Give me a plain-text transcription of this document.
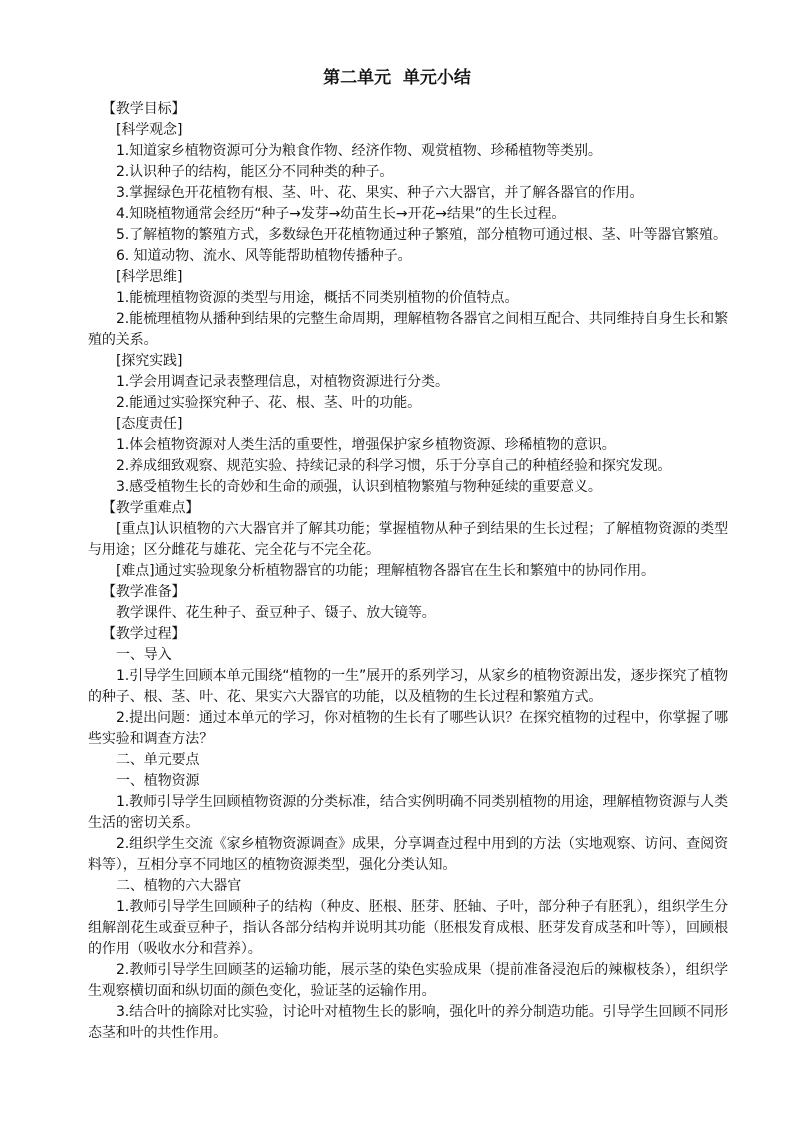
第二单元  单元小结

【教学目标】

[科学观念]

1.知道家乡植物资源可分为粮食作物、经济作物、观赏植物、珍稀植物等类别。

2.认识种子的结构，能区分不同种类的种子。

3.掌握绿色开花植物有根、茎、叶、花、果实、种子六大器官，并了解各器官的作用。

4.知晓植物通常会经历“种子→发芽→幼苗生长→开花→结果”的生长过程。

5.了解植物的繁殖方式，多数绿色开花植物通过种子繁殖，部分植物可通过根、茎、叶等器官繁殖。

6. 知道动物、流水、风等能帮助植物传播种子。

[科学思维]

1.能梳理植物资源的类型与用途，概括不同类别植物的价值特点。

2.能梳理植物从播种到结果的完整生命周期，理解植物各器官之间相互配合、共同维持自身生长和繁殖的关系。

[探究实践]

1.学会用调查记录表整理信息，对植物资源进行分类。

2.能通过实验探究种子、花、根、茎、叶的功能。

[态度责任]

1.体会植物资源对人类生活的重要性，增强保护家乡植物资源、珍稀植物的意识。

2.养成细致观察、规范实验、持续记录的科学习惯，乐于分享自己的种植经验和探究发现。

3.感受植物生长的奇妙和生命的顽强，认识到植物繁殖与物种延续的重要意义。

【教学重难点】

[重点]认识植物的六大器官并了解其功能；掌握植物从种子到结果的生长过程；了解植物资源的类型与用途；区分雌花与雄花、完全花与不完全花。

[难点]通过实验现象分析植物器官的功能；理解植物各器官在生长和繁殖中的协同作用。

【教学准备】

教学课件、花生种子、蚕豆种子、镊子、放大镜等。

【教学过程】

一、导入

1.引导学生回顾本单元围绕“植物的一生”展开的系列学习，从家乡的植物资源出发，逐步探究了植物的种子、根、茎、叶、花、果实六大器官的功能，以及植物的生长过程和繁殖方式。

2.提出问题：通过本单元的学习，你对植物的生长有了哪些认识？在探究植物的过程中，你掌握了哪些实验和调查方法？

二、单元要点

一、植物资源

1.教师引导学生回顾植物资源的分类标准，结合实例明确不同类别植物的用途，理解植物资源与人类生活的密切关系。

2.组织学生交流《家乡植物资源调查》成果，分享调查过程中用到的方法（实地观察、访问、查阅资料等），互相分享不同地区的植物资源类型，强化分类认知。

二、植物的六大器官

1.教师引导学生回顾种子的结构（种皮、胚根、胚芽、胚轴、子叶，部分种子有胚乳），组织学生分组解剖花生或蚕豆种子，指认各部分结构并说明其功能（胚根发育成根、胚芽发育成茎和叶等），回顾根的作用（吸收水分和营养）。

2.教师引导学生回顾茎的运输功能，展示茎的染色实验成果（提前准备浸泡后的辣椒枝条），组织学生观察横切面和纵切面的颜色变化，验证茎的运输作用。

3.结合叶的摘除对比实验，讨论叶对植物生长的影响，强化叶的养分制造功能。引导学生回顾不同形态茎和叶的共性作用。
